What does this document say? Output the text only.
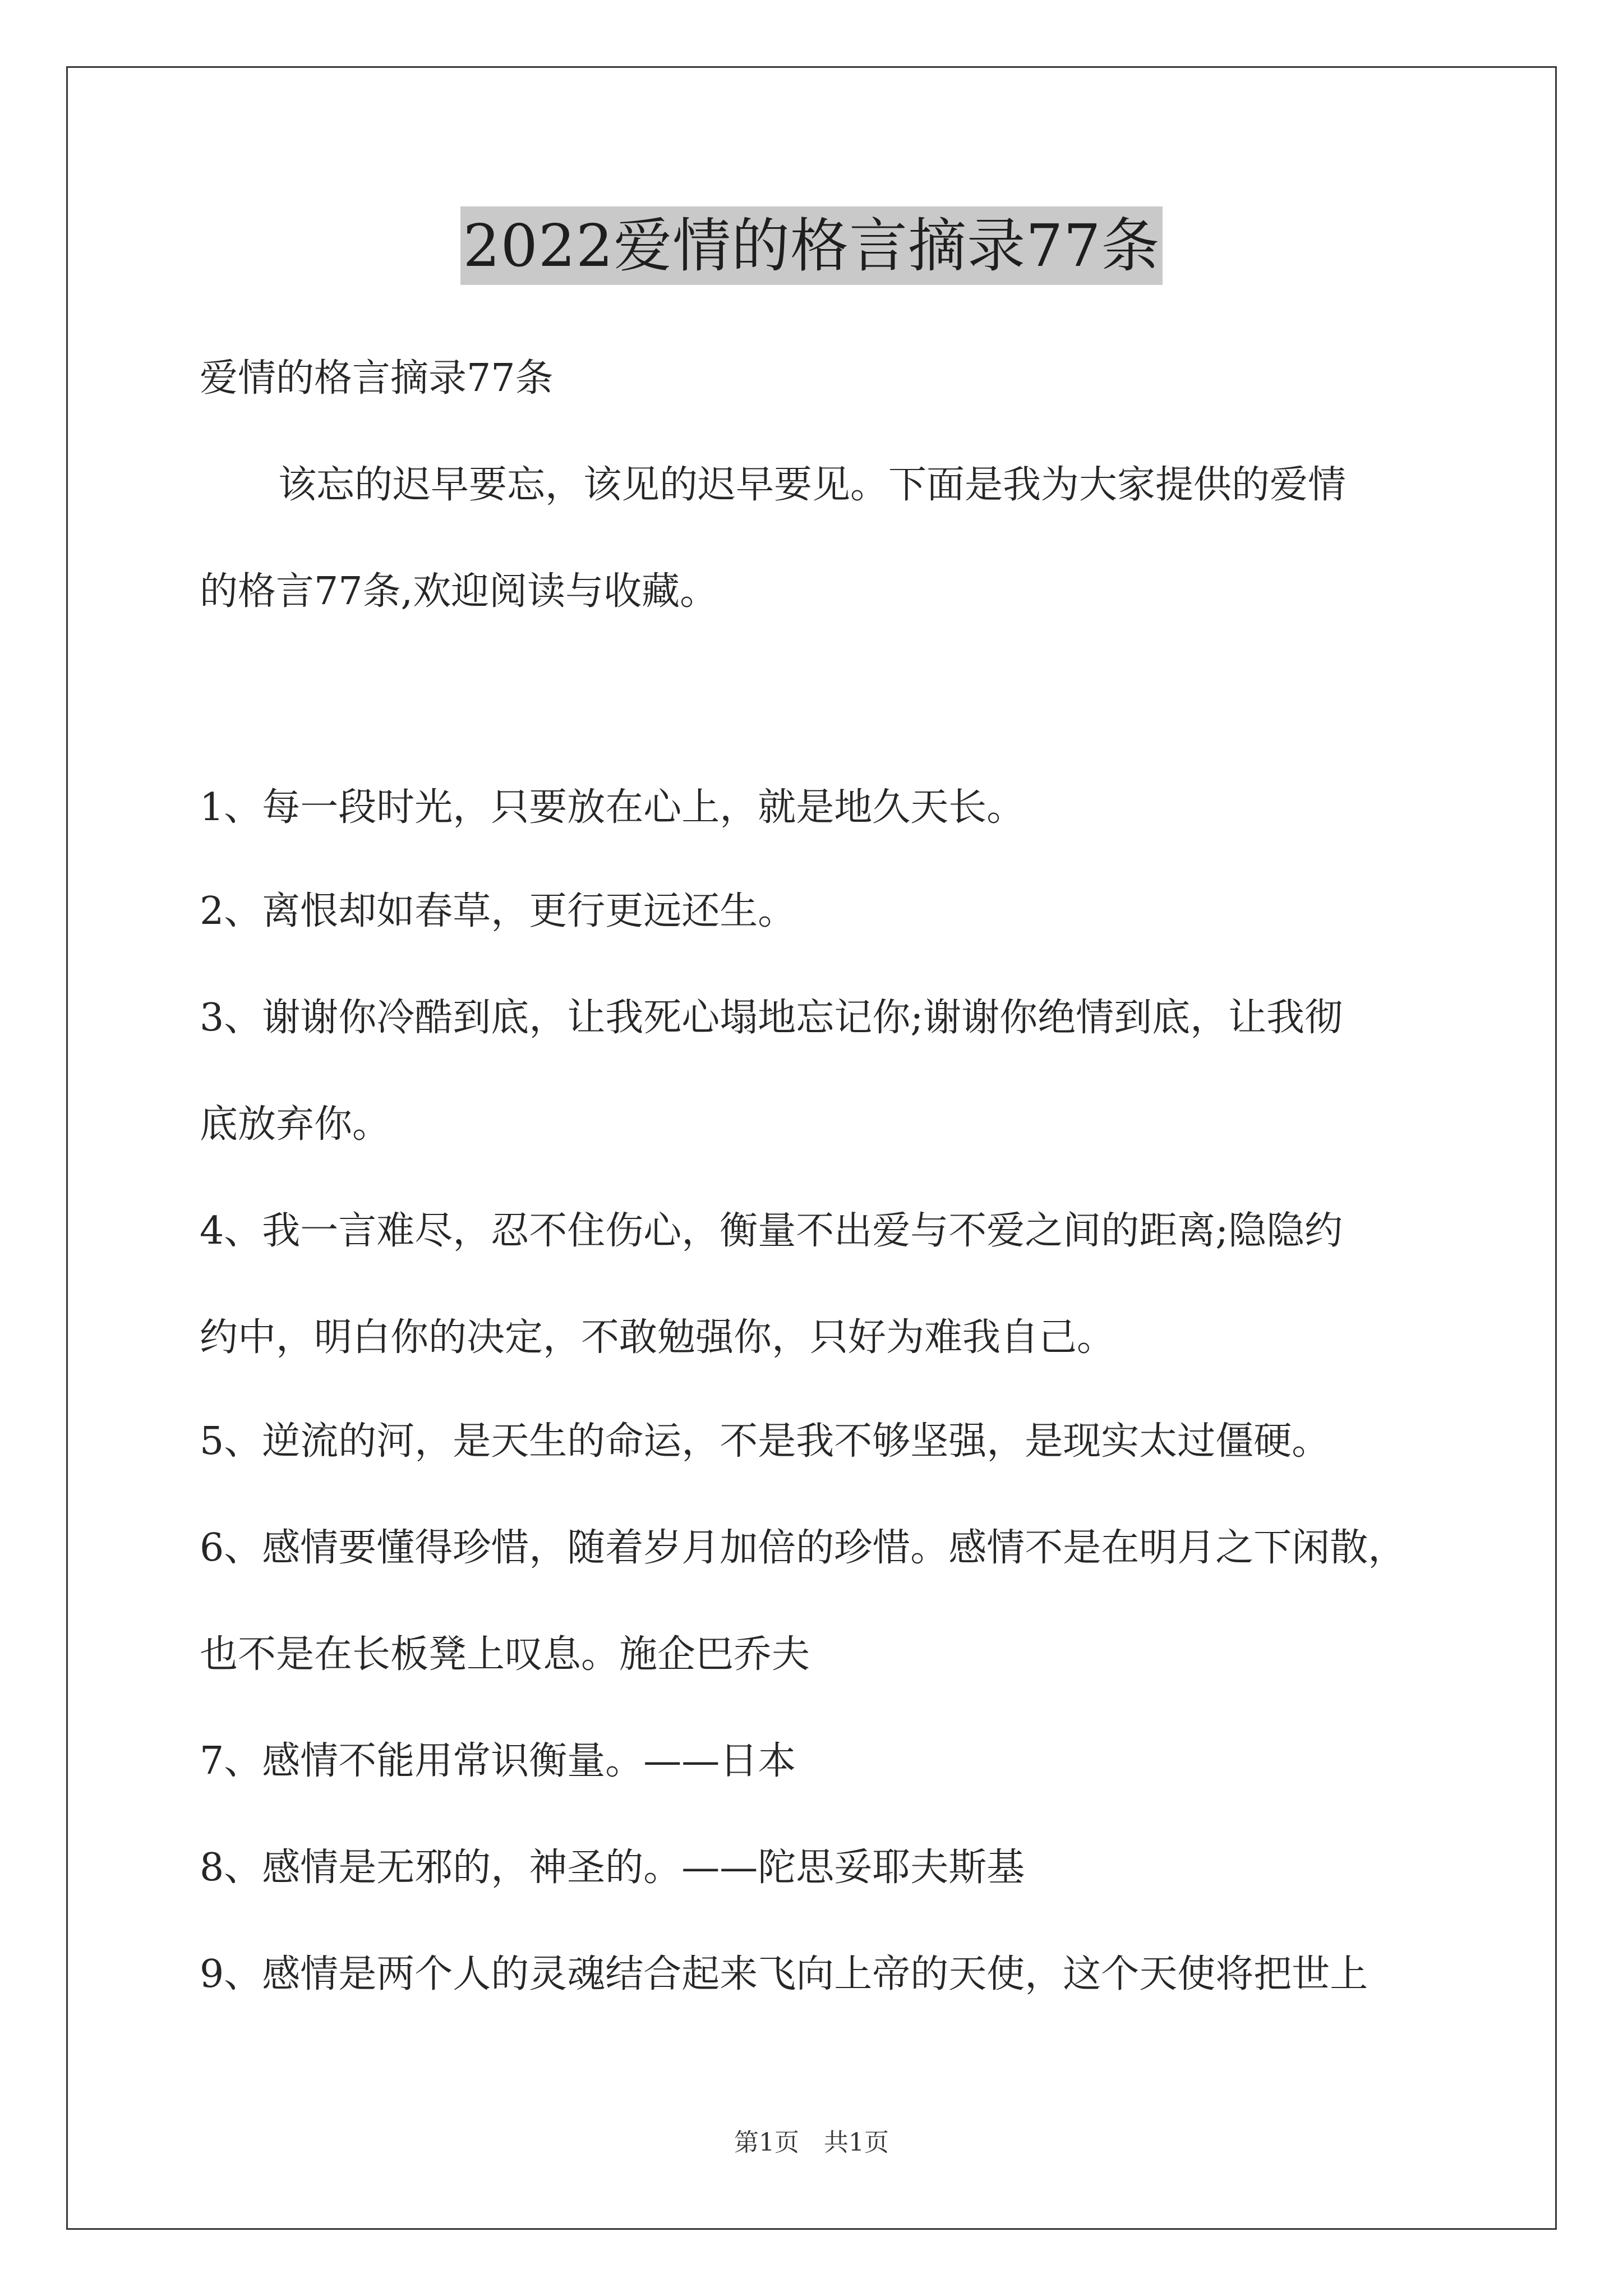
2022爱情的格言摘录77条
爱情的格言摘录77条
该忘的迟早要忘，该见的迟早要见。下面是我为大家提供的爱情
的格言77条,欢迎阅读与收藏。
1、每一段时光，只要放在心上，就是地久天长。
2、离恨却如春草，更行更远还生。
3、谢谢你冷酷到底，让我死心塌地忘记你;谢谢你绝情到底，让我彻
底放弃你。
4、我一言难尽，忍不住伤心，衡量不出爱与不爱之间的距离;隐隐约
约中，明白你的决定，不敢勉强你，只好为难我自己。
5、逆流的河，是天生的命运，不是我不够坚强，是现实太过僵硬。
6、感情要懂得珍惜，随着岁月加倍的珍惜。感情不是在明月之下闲散，
也不是在长板凳上叹息。施企巴乔夫
7、感情不能用常识衡量。——日本
8、感情是无邪的，神圣的。——陀思妥耶夫斯基
9、感情是两个人的灵魂结合起来飞向上帝的天使，这个天使将把世上
第1页　共1页
